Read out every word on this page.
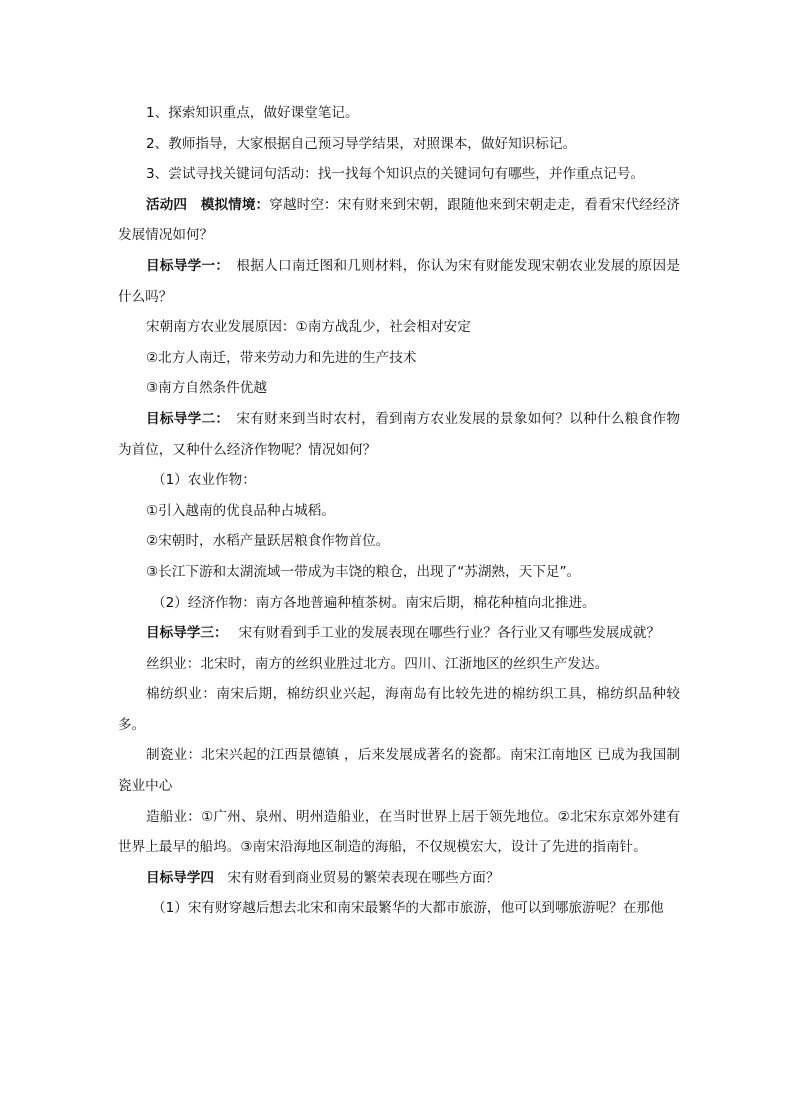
1、探索知识重点，做好课堂笔记。

2、教师指导，大家根据自己预习导学结果，对照课本，做好知识标记。

3、尝试寻找关键词句活动：找一找每个知识点的关键词句有哪些，并作重点记号。

活动四　模拟情境：穿越时空：宋有财来到宋朝，跟随他来到宋朝走走，看看宋代经经济发展情况如何？

目标导学一：　根据人口南迁图和几则材料，你认为宋有财能发现宋朝农业发展的原因是什么吗？

宋朝南方农业发展原因：①南方战乱少，社会相对安定

②北方人南迁，带来劳动力和先进的生产技术

③南方自然条件优越

目标导学二：　宋有财来到当时农村，看到南方农业发展的景象如何？以种什么粮食作物为首位，又种什么经济作物呢？情况如何？

（1）农业作物：

①引入越南的优良品种占城稻。

②宋朝时，水稻产量跃居粮食作物首位。

③长江下游和太湖流域一带成为丰饶的粮仓，出现了“苏湖熟，天下足”。

（2）经济作物：南方各地普遍种植茶树。南宋后期，棉花种植向北推进。

目标导学三：　 宋有财看到手工业的发展表现在哪些行业？各行业又有哪些发展成就？

丝织业：北宋时，南方的丝织业胜过北方。四川、江浙地区的丝织生产发达。

棉纺织业：南宋后期，棉纺织业兴起，海南岛有比较先进的棉纺织工具，棉纺织品种较多。

制瓷业：北宋兴起的江西景德镇 ，后来发展成著名的瓷都。南宋江南地区 已成为我国制瓷业中心

造船业：①广州、泉州、明州造船业，在当时世界上居于领先地位。②北宋东京郊外建有世界上最早的船坞。③南宋沿海地区制造的海船，不仅规模宏大，设计了先进的指南针。

目标导学四　宋有财看到商业贸易的繁荣表现在哪些方面？

（1）宋有财穿越后想去北宋和南宋最繁华的大都市旅游，他可以到哪旅游呢？在那他
